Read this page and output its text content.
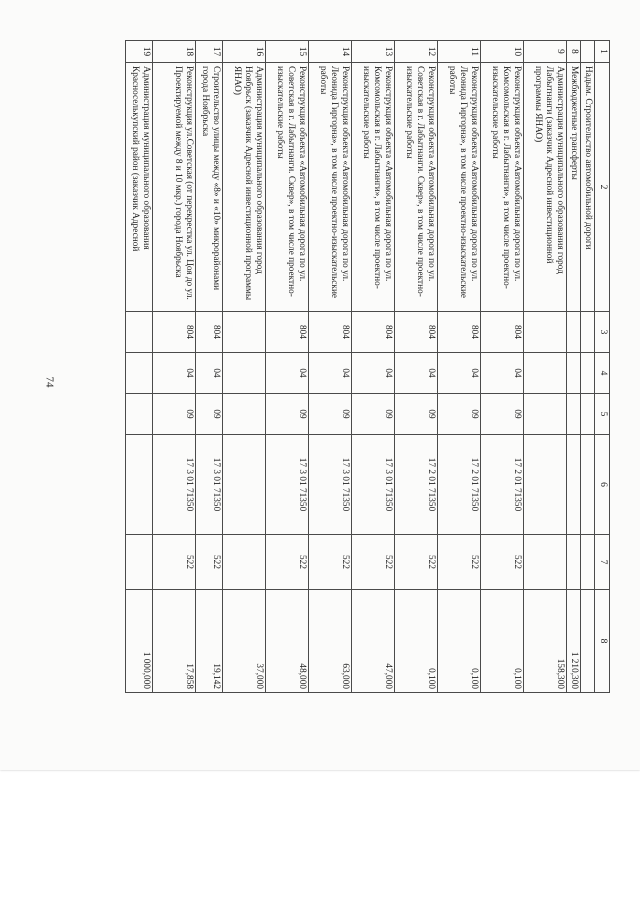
74
1	2	3	4	5	6	7	8
	Надым. Строительство автомобильной дороги						
8	Межбюджетные трансферты						1 210,300
9	Администрация муниципального образования город Лабытнанги (заказчик Адресной инвестиционной программы ЯНАО)						158,300
10	Реконструкция объекта «Автомобильная дорога по ул. Комсомольская в г. Лабытнанги», в том числе проектно-изыскательские работы	804	04	09	17 2 01 71350	522	0,100
11	Реконструкция объекта «Автомобильная дорога по ул. Леонида Гиргорна», в том числе проектно-изыскательские работы	804	04	09	17 2 01 71350	522	0,100
12	Реконструкция объекта «Автомобильная дорога по ул. Советская в г. Лабытнанги. Сквер», в том числе проектно-изыскательские работы	804	04	09	17 2 01 71350	522	0,100
13	Реконструкция объекта «Автомобильная дорога по ул. Комсомольская в г. Лабытнанги», в том числе проектно-изыскательские работы	804	04	09	17 3 01 71350	522	47,000
14	Реконструкция объекта «Автомобильная дорога по ул. Леонида Гиргорна», в том числе проектно-изыскательские работы	804	04	09	17 3 01 71350	522	63,000
15	Реконструкция объекта «Автомобильная дорога по ул. Советская в г. Лабытнанги. Сквер», в том числе проектно-изыскательские работы	804	04	09	17 3 01 71350	522	48,000
16	Администрация муниципального образования город Ноябрьск (заказчик Адресной инвестиционной программы ЯНАО)						37,000
17	Строительство улицы между «8» и «10» микрорайонами города Ноябрьска	804	04	09	17 3 01 71350	522	19,142
18	Реконструкция ул.Советская (от перекрестка ул. Цоя до ул. Проектируемой между 8 и 10 мкр.) города Ноябрьска	804	04	09	17 3 01 71350	522	17,858
19	Администрация муниципального образования Красноселькупский район (заказчик Адресной						1 000,000
